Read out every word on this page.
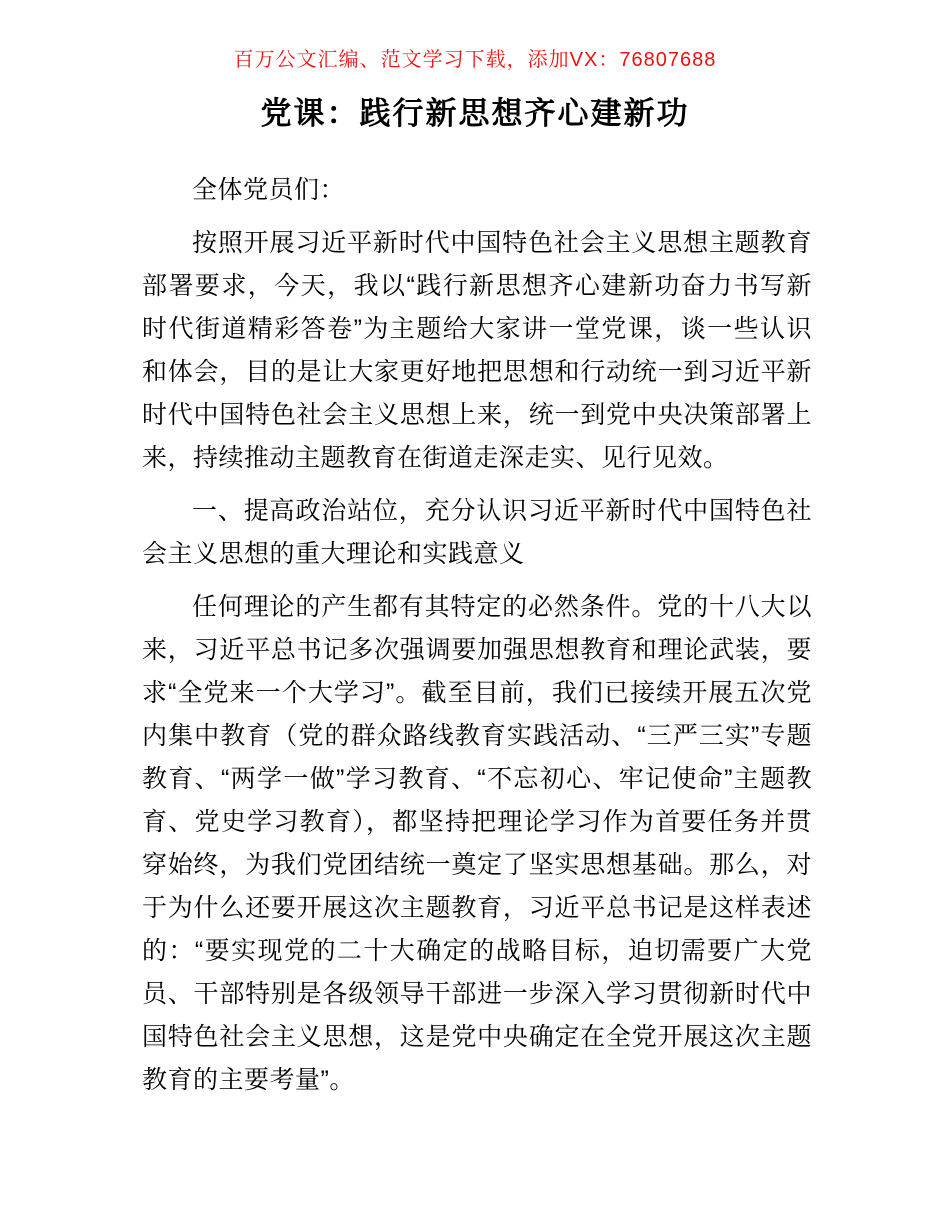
百万公文汇编、范文学习下载，添加VX：76807688
党课：践行新思想齐心建新功

全体党员们：

按照开展习近平新时代中国特色社会主义思想主题教育部署要求，今天，我以“践行新思想齐心建新功奋力书写新时代街道精彩答卷”为主题给大家讲一堂党课，谈一些认识和体会，目的是让大家更好地把思想和行动统一到习近平新时代中国特色社会主义思想上来，统一到党中央决策部署上来，持续推动主题教育在街道走深走实、见行见效。

一、提高政治站位，充分认识习近平新时代中国特色社会主义思想的重大理论和实践意义

任何理论的产生都有其特定的必然条件。党的十八大以来，习近平总书记多次强调要加强思想教育和理论武装，要求“全党来一个大学习”。截至目前，我们已接续开展五次党内集中教育（党的群众路线教育实践活动、“三严三实”专题教育、“两学一做”学习教育、“不忘初心、牢记使命”主题教育、党史学习教育），都坚持把理论学习作为首要任务并贯穿始终，为我们党团结统一奠定了坚实思想基础。那么，对于为什么还要开展这次主题教育，习近平总书记是这样表述的：“要实现党的二十大确定的战略目标，迫切需要广大党员、干部特别是各级领导干部进一步深入学习贯彻新时代中国特色社会主义思想，这是党中央确定在全党开展这次主题教育的主要考量”。
